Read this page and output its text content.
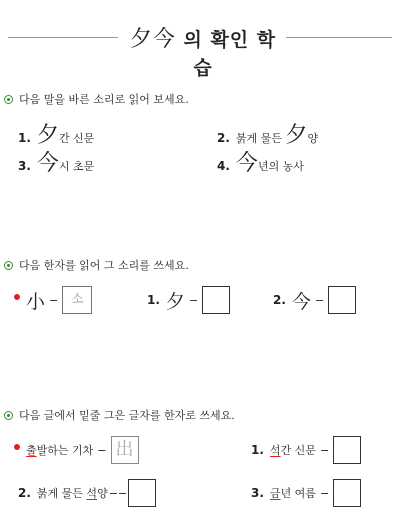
夕今 의 확인 학습
다음 말을 바른 소리로 읽어 보세요.
1. 夕 간 신문	2. 붉게 물든 夕 양
3. 今 시 초문	4. 今 년의 농사
다음 한자를 읽어 그 소리를 쓰세요.
小 − 소	1. 夕 −	2. 今 −
다음 글에서 밑줄 그은 글자를 한자로 쓰세요.
출 발하는 기차 − 出	1. 석 간 신문 −
2. 붉게 물든 석 양 −−	3. 금 년 여름 −
